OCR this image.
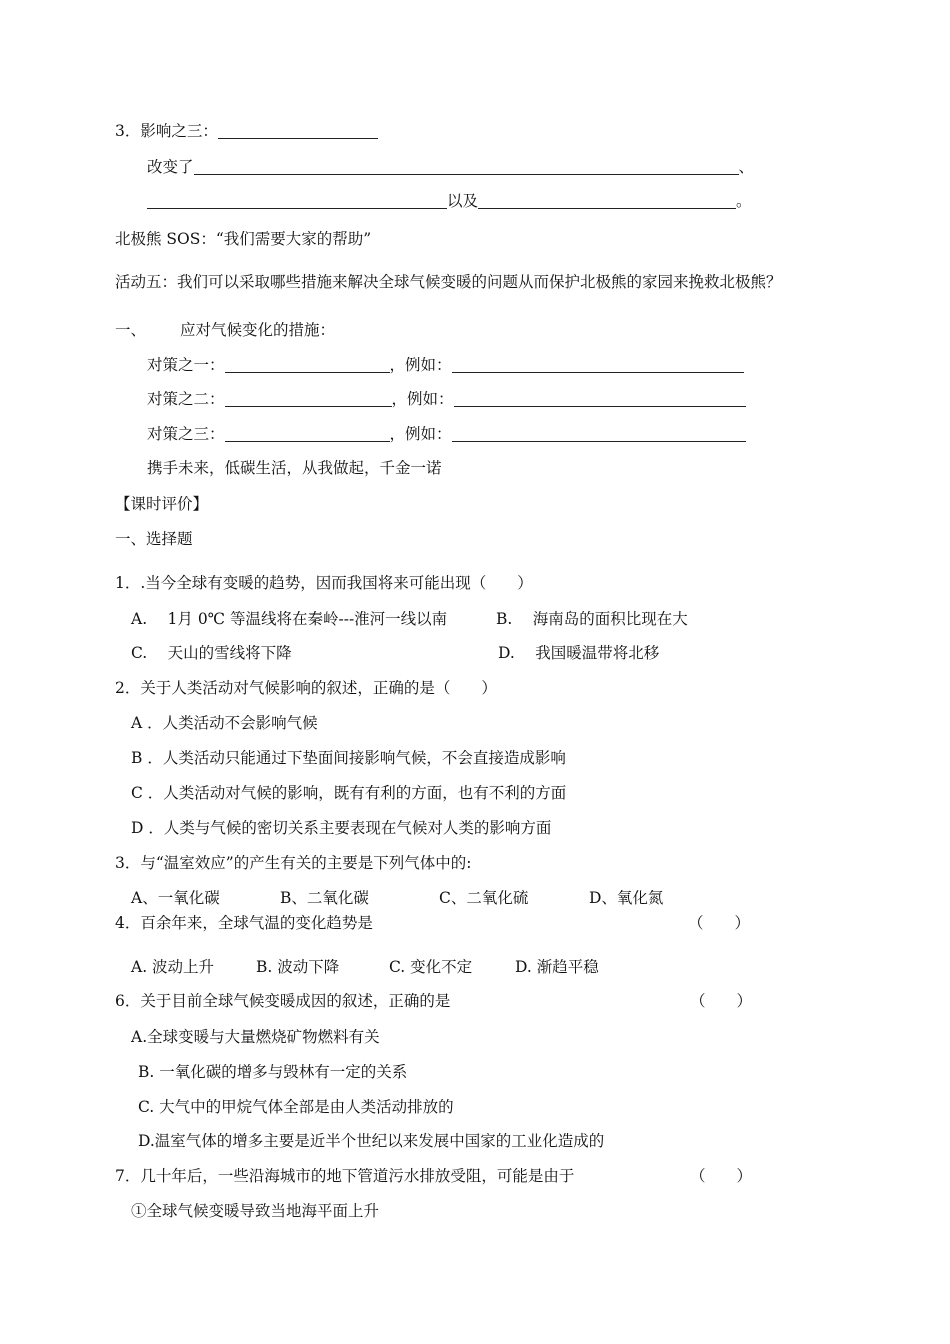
3．影响之三：
改变了	、
以及	。
北极熊 SOS：“我们需要大家的帮助”
活动五：我们可以采取哪些措施来解决全球气候变暖的问题从而保护北极熊的家园来挽救北极熊？
一、 应对气候变化的措施：
对策之一：	，例如：
对策之二：	，例如：
对策之三：	，例如：
携手未来，低碳生活，从我做起，千金一诺
【课时评价】
一、选择题
1．.当今全球有变暖的趋势，因而我国将来可能出现（　　）
A.　 1月 0℃ 等温线将在秦岭---淮河一线以南	B.　 海南岛的面积比现在大
C.　 天山的雪线将下降	D.　 我国暖温带将北移
2．关于人类活动对气候影响的叙述，正确的是（　　）
A ．人类活动不会影响气候
B ．人类活动只能通过下垫面间接影响气候，不会直接造成影响
C ．人类活动对气候的影响，既有有利的方面，也有不利的方面
D ．人类与气候的密切关系主要表现在气候对人类的影响方面
3．与“温室效应”的产生有关的主要是下列气体中的:
A、一氧化碳	B、二氧化碳	C、二氧化硫	D、氧化氮
4．百余年来，全球气温的变化趋势是	（　　）
A. 波动上升	B. 波动下降	C. 变化不定	D. 渐趋平稳
6．关于目前全球气候变暖成因的叙述，正确的是	（　　）
A.全球变暖与大量燃烧矿物燃料有关
B. 一氧化碳的增多与毁林有一定的关系
C. 大气中的甲烷气体全部是由人类活动排放的
D.温室气体的增多主要是近半个世纪以来发展中国家的工业化造成的
7．几十年后，一些沿海城市的地下管道污水排放受阻，可能是由于	（　　）
①全球气候变暖导致当地海平面上升
